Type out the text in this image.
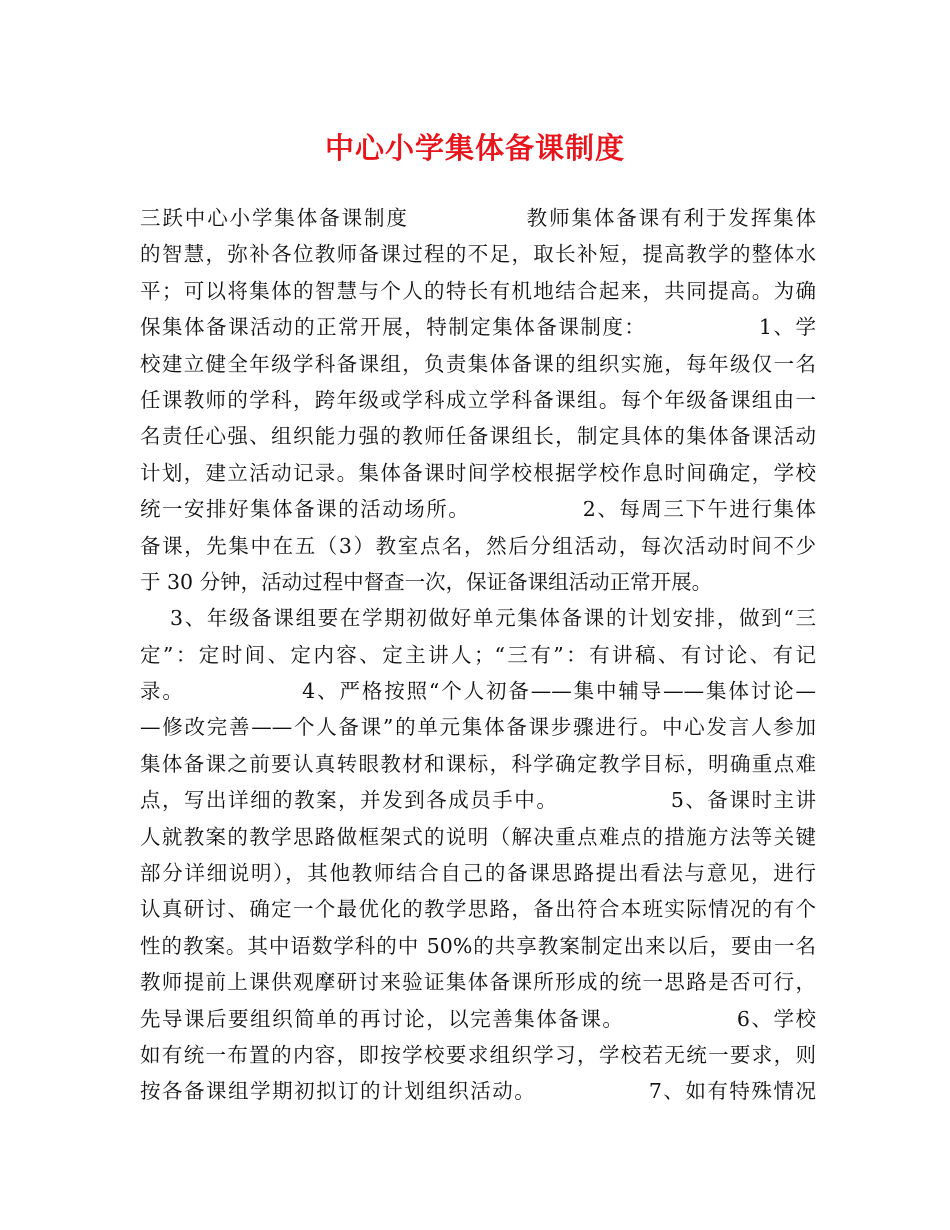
中心小学集体备课制度
三跃中心小学集体备课制度              教师集体备课有利于发挥集体
的智慧，弥补各位教师备课过程的不足，取长补短，提高教学的整体水
平；可以将集体的智慧与个人的特长有机地结合起来，共同提高。为确
保集体备课活动的正常开展，特制定集体备课制度：              1、学
校建立健全年级学科备课组，负责集体备课的组织实施，每年级仅一名
任课教师的学科，跨年级或学科成立学科备课组。每个年级备课组由一
名责任心强、组织能力强的教师任备课组长，制定具体的集体备课活动
计划，建立活动记录。集体备课时间学校根据学校作息时间确定，学校
统一安排好集体备课的活动场所。              2、每周三下午进行集体
备课，先集中在五（3）教室点名，然后分组活动，每次活动时间不少
于 30 分钟，活动过程中督查一次，保证备课组活动正常开展。
3、年级备课组要在学期初做好单元集体备课的计划安排，做到“三
定”：定时间、定内容、定主讲人；“三有”：有讲稿、有讨论、有记
录。              4、严格按照“个人初备——集中辅导——集体讨论—
—修改完善——个人备课”的单元集体备课步骤进行。中心发言人参加
集体备课之前要认真转眼教材和课标，科学确定教学目标，明确重点难
点，写出详细的教案，并发到各成员手中。              5、备课时主讲
人就教案的教学思路做框架式的说明（解决重点难点的措施方法等关键
部分详细说明），其他教师结合自己的备课思路提出看法与意见，进行
认真研讨、确定一个最优化的教学思路，备出符合本班实际情况的有个
性的教案。其中语数学科的中 50%的共享教案制定出来以后，要由一名
教师提前上课供观摩研讨来验证集体备课所形成的统一思路是否可行，
先导课后要组织简单的再讨论，以完善集体备课。              6、学校
如有统一布置的内容，即按学校要求组织学习，学校若无统一要求，则
按各备课组学期初拟订的计划组织活动。              7、如有特殊情况
